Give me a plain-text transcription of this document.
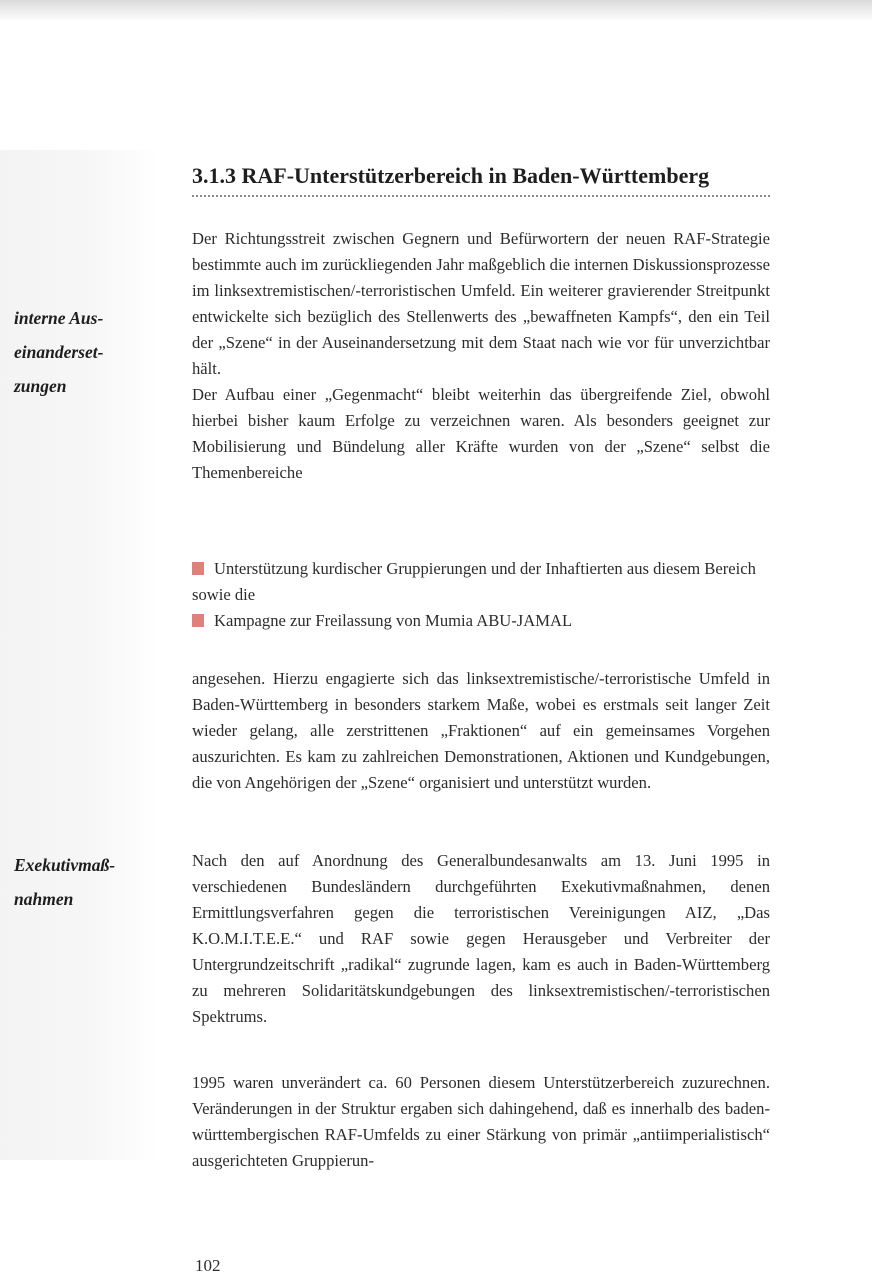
3.1.3 RAF-Unterstützerbereich in Baden-Württemberg

interne Aus-
einanderset-
zungen

Exekutivmaß-
nahmen

Der Richtungsstreit zwischen Gegnern und Befürwortern der neuen RAF-Strategie bestimmte auch im zurückliegenden Jahr maßgeblich die internen Diskussionsprozesse im linksextremistischen/-terroristischen Umfeld. Ein weiterer gravierender Streitpunkt entwickelte sich bezüglich des Stellenwerts des „bewaffneten Kampfs“, den ein Teil der „Szene“ in der Auseinandersetzung mit dem Staat nach wie vor für unverzichtbar hält.

Der Aufbau einer „Gegenmacht“ bleibt weiterhin das übergreifende Ziel, obwohl hierbei bisher kaum Erfolge zu verzeichnen waren. Als besonders geeignet zur Mobilisierung und Bündelung aller Kräfte wurden von der „Szene“ selbst die Themenbereiche

Unterstützung kurdischer Gruppierungen und der Inhaftierten aus diesem Bereich sowie die
Kampagne zur Freilassung von Mumia ABU-JAMAL

angesehen. Hierzu engagierte sich das linksextremistische/-terroristische Umfeld in Baden-Württemberg in besonders starkem Maße, wobei es erstmals seit langer Zeit wieder gelang, alle zerstrittenen „Fraktionen“ auf ein gemeinsames Vorgehen auszurichten. Es kam zu zahlreichen Demonstrationen, Aktionen und Kundgebungen, die von Angehörigen der „Szene“ organisiert und unterstützt wurden.

Nach den auf Anordnung des Generalbundesanwalts am 13. Juni 1995 in verschiedenen Bundesländern durchgeführten Exekutivmaßnahmen, denen Ermittlungsverfahren gegen die terroristischen Vereinigungen AIZ, „Das K.O.M.I.T.E.E.“ und RAF sowie gegen Herausgeber und Verbreiter der Untergrundzeitschrift „radikal“ zugrunde lagen, kam es auch in Baden-Württemberg zu mehreren Solidaritätskundgebungen des linksextremistischen/-terroristischen Spektrums.

1995 waren unverändert ca. 60 Personen diesem Unterstützerbereich zuzurechnen. Veränderungen in der Struktur ergaben sich dahingehend, daß es innerhalb des baden-württembergischen RAF-Umfelds zu einer Stärkung von primär „antiimperialistisch“ ausgerichteten Gruppierun-

102
